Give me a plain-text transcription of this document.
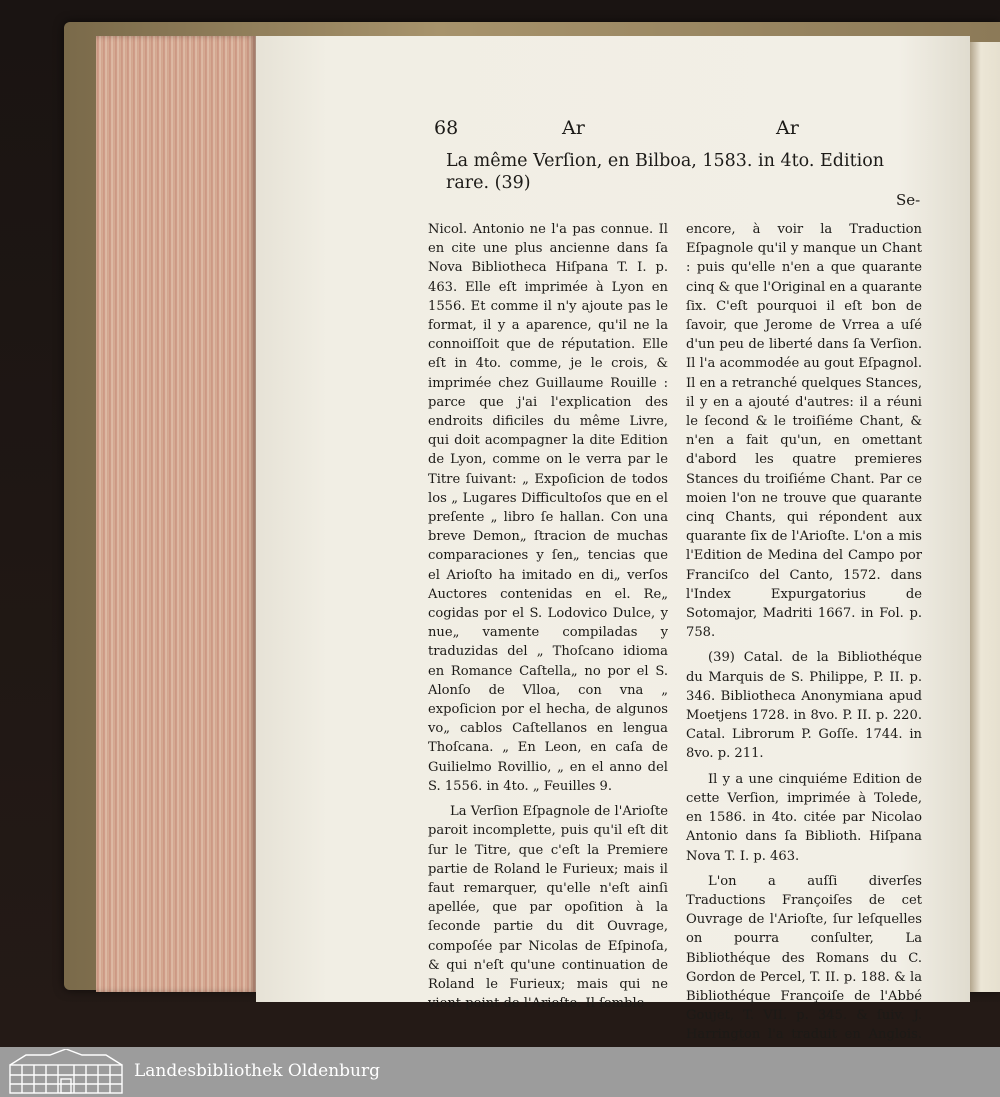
68	Ar	Ar
La même Verſion, en Bilboa, 1583. in 4to. Edition rare. (39)
Se-

Nicol. Antonio ne l'a pas connue. Il en cite une plus ancienne dans ſa Nova Bibliotheca Hiſpana T. I. p. 463. Elle eſt imprimée à Lyon en 1556. Et comme il n'y ajoute pas le format, il y a aparence, qu'il ne la connoiſſoit que de réputation. Elle eſt in 4to. comme, je le crois, & imprimée chez Guillaume Rouille : parce que j'ai l'explication des endroits dificiles du même Livre, qui doit acompagner la dite Edition de Lyon, comme on le verra par le Titre ſuivant: „ Expoſicion de todos los „ Lugares Difficultoſos que en el preſente „ libro ſe hallan. Con una breve Demon„ ſtracion de muchas comparaciones y ſen„ tencias que el Arioſto ha imitado en di„ verſos Auctores contenidas en el. Re„ cogidas por el S. Lodovico Dulce, y nue„ vamente compiladas y traduzidas del „ Thoſcano idioma en Romance Caſtella„ no por el S. Alonſo de Vlloa, con vna „ expoſicion por el hecha, de algunos vo„ cablos Caſtellanos en lengua Thoſcana. „ En Leon, en caſa de Guilielmo Rovillio, „ en el anno del S. 1556. in 4to. „ Feuilles 9.

La Verſion Eſpagnole de l'Arioſte paroit incomplette, puis qu'il eſt dit ſur le Titre, que c'eſt la Premiere partie de Roland le Furieux; mais il faut remarquer, qu'elle n'eſt ainſi apellée, que par opoſition à la ſeconde partie du dit Ouvrage, compoſée par Nicolas de Eſpinoſa, & qui n'eſt qu'une continuation de Roland le Furieux; mais qui ne vient point de l'Arioſte. Il ſemble

encore, à voir la Traduction Eſpagnole qu'il y manque un Chant : puis qu'elle n'en a que quarante cinq & que l'Original en a quarante ſix. C'eſt pourquoi il eſt bon de ſavoir, que Jerome de Vrrea a uſé d'un peu de liberté dans ſa Verſion. Il l'a acommodée au gout Eſpagnol. Il en a retranché quelques Stances, il y en a ajouté d'autres: il a réuni le ſecond & le troiſiéme Chant, & n'en a fait qu'un, en omettant d'abord les quatre premieres Stances du troiſiéme Chant. Par ce moien l'on ne trouve que quarante cinq Chants, qui répondent aux quarante ſix de l'Arioſte. L'on a mis l'Edition de Medina del Campo por Franciſco del Canto, 1572. dans l'Index Expurgatorius de Sotomajor, Madriti 1667. in Fol. p. 758.

(39) Catal. de la Bibliothéque du Marquis de S. Philippe, P. II. p. 346. Bibliotheca Anonymiana apud Moetjens 1728. in 8vo. P. II. p. 220. Catal. Librorum P. Goſſe. 1744. in 8vo. p. 211.

Il y a une cinquiéme Edition de cette Verſion, imprimée à Tolede, en 1586. in 4to. citée par Nicolao Antonio dans ſa Biblioth. Hiſpana Nova T. I. p. 463.

L'on a auſſi diverſes Traductions Françoiſes de cet Ouvrage de l'Arioſte, ſur leſquelles on pourra conſulter, La Bibliothéque des Romans du C. Gordon de Percel, T. II. p. 188. & la Bibliothéque Françoiſe de l'Abbé Goujet, T. VII. p. 345. & ſuiv. J. Harrington l'a traduit en Anglois.

Landesbibliothek Oldenburg
